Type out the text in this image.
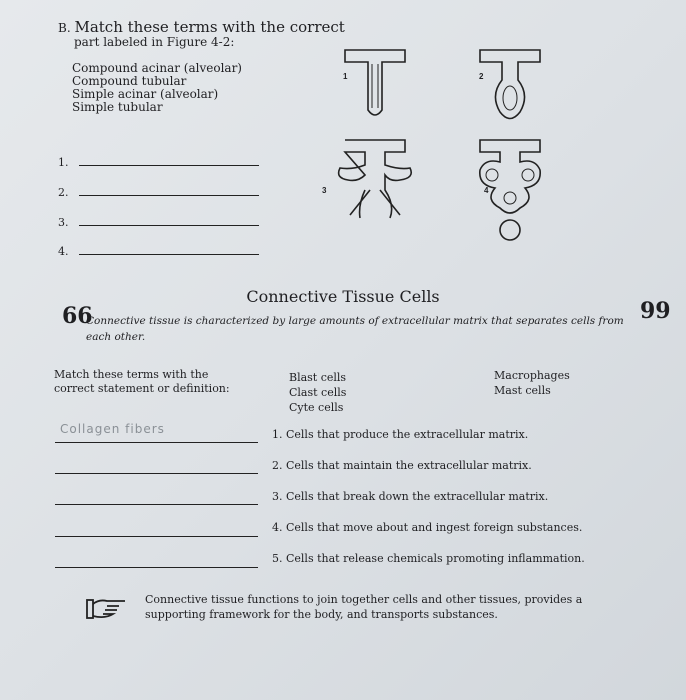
B. Match these terms with the correct
part labeled in Figure 4-2:
Compound acinar (alveolar)
Compound tubular
Simple acinar (alveolar)
Simple tubular
1.
2.
3.
4.
1	2
3	4
Connective Tissue Cells
66	99
Connective tissue is characterized by large amounts of extracellular matrix that separates cells from each other.
Match these terms with the
correct statement or definition:
Blast cells
Clast cells
Cyte cells
Macrophages
Mast cells
Collagen fibers	1. Cells that produce the extracellular matrix.
2. Cells that maintain the extracellular matrix.
3. Cells that break down the extracellular matrix.
4. Cells that move about and ingest foreign substances.
5. Cells that release chemicals promoting inflammation.
Connective tissue functions to join together cells and other tissues, provides a supporting framework for the body, and transports substances.
